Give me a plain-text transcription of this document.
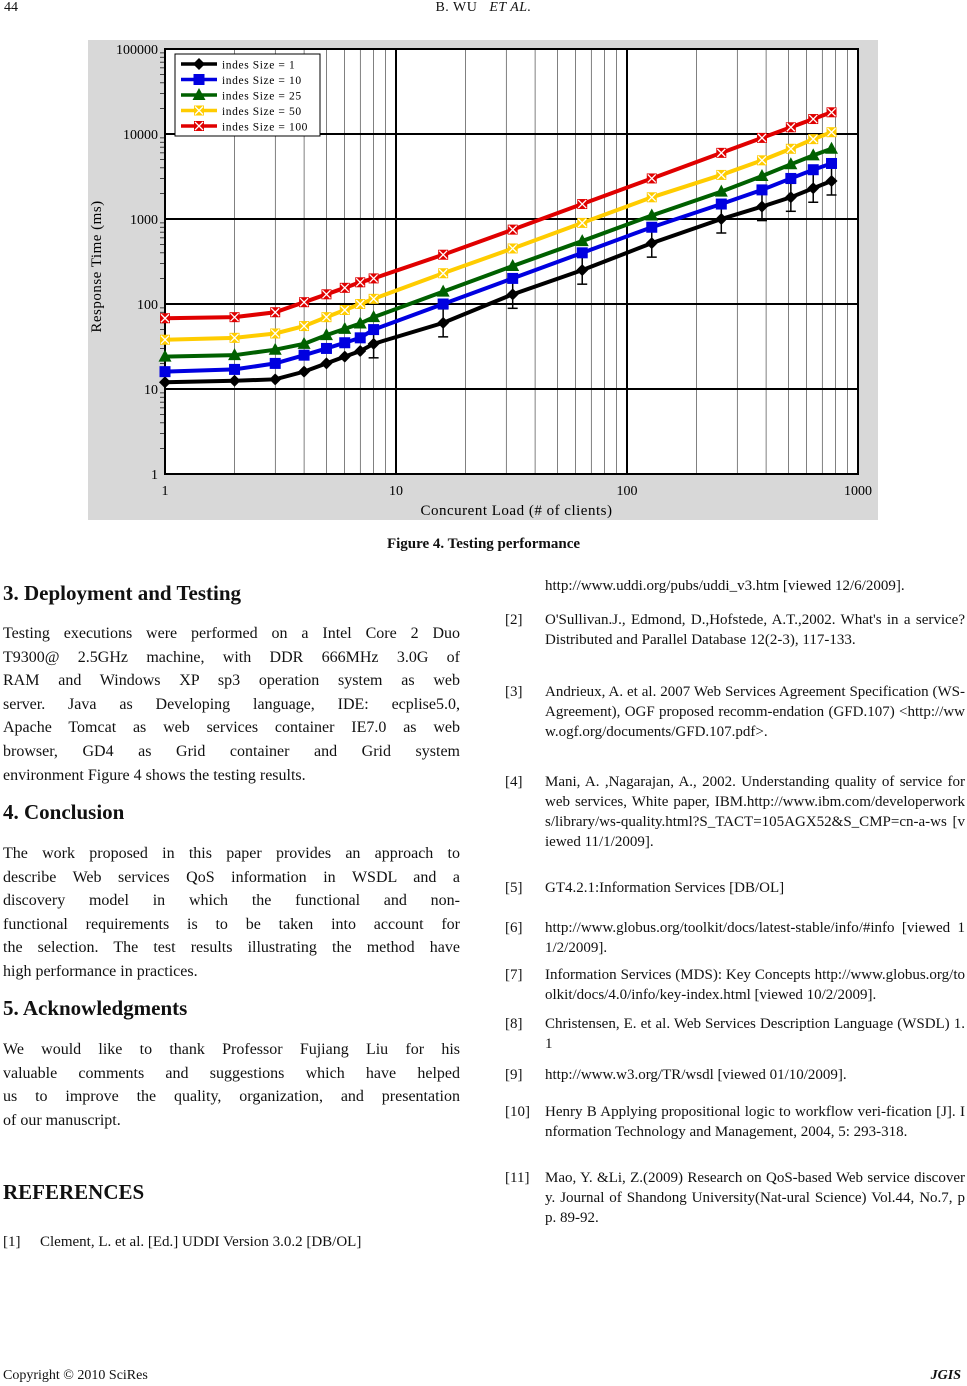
44	B. WU ET AL.
1	10	100	1000
1
10
100
1000
10000
100000
Concurent Load (# of clients)
Response Time (ms)
indes Size = 1
indes Size = 10
indes Size = 25
indes Size = 50
indes Size = 100
Figure 4. Testing performance
3. Deployment and Testing
Testing executions were performed on a Intel Core 2 Duo
T9300@ 2.5GHz machine, with DDR 666MHz 3.0G of
RAM and Windows XP sp3 operation system as web
server. Java as Developing language, IDE: ecplise5.0,
Apache Tomcat as web services container IE7.0 as web
browser, GD4 as Grid container and Grid system
environment Figure 4 shows the testing results.
4. Conclusion
The work proposed in this paper provides an approach to
describe Web services QoS information in WSDL and a
discovery model in which the functional and non-
functional requirements is to be taken into account for
the selection. The test results illustrating the method have
high performance in practices.
5. Acknowledgments
We would like to thank Professor Fujiang Liu for his
valuable comments and suggestions which have helped
us to improve the quality, organization, and presentation
of our manuscript.
REFERENCES
[1] Clement, L. et al. [Ed.] UDDI Version 3.0.2 [DB/OL]
http://www.uddi.org/pubs/uddi_v3.htm [viewed 12/6/2009].
[2] O'Sullivan.J., Edmond, D.,Hofstede, A.T.,2002. What's in a service? Distributed and Parallel Database 12(2-3), 117-133.
[3] Andrieux, A. et al. 2007 Web Services Agreement Specification (WS-Agreement), OGF proposed recomm-endation (GFD.107) <http://www.ogf.org/documents/GFD.107.pdf>.
[4] Mani, A. ,Nagarajan, A., 2002. Understanding quality of service for web services, White paper, IBM.http://www.ibm.com/developerworks/library/ws-quality.html?S_TACT=105AGX52&S_CMP=cn-a-ws [viewed 11/1/2009].
[5] GT4.2.1:Information Services [DB/OL]
[6] http://www.globus.org/toolkit/docs/latest-stable/info/#info [viewed 11/2/2009].
[7] Information Services (MDS): Key Concepts http://www.globus.org/toolkit/docs/4.0/info/key-index.html [viewed 10/2/2009].
[8] Christensen, E. et al. Web Services Description Language (WSDL) 1.1
[9] http://www.w3.org/TR/wsdl [viewed 01/10/2009].
[10] Henry B Applying propositional logic to workflow veri-fication [J]. Information Technology and Management, 2004, 5: 293-318.
[11] Mao, Y. &Li, Z.(2009) Research on QoS-based Web service discovery. Journal of Shandong University(Nat-ural Science) Vol.44, No.7, pp. 89-92.
Copyright © 2010 SciRes	JGIS
